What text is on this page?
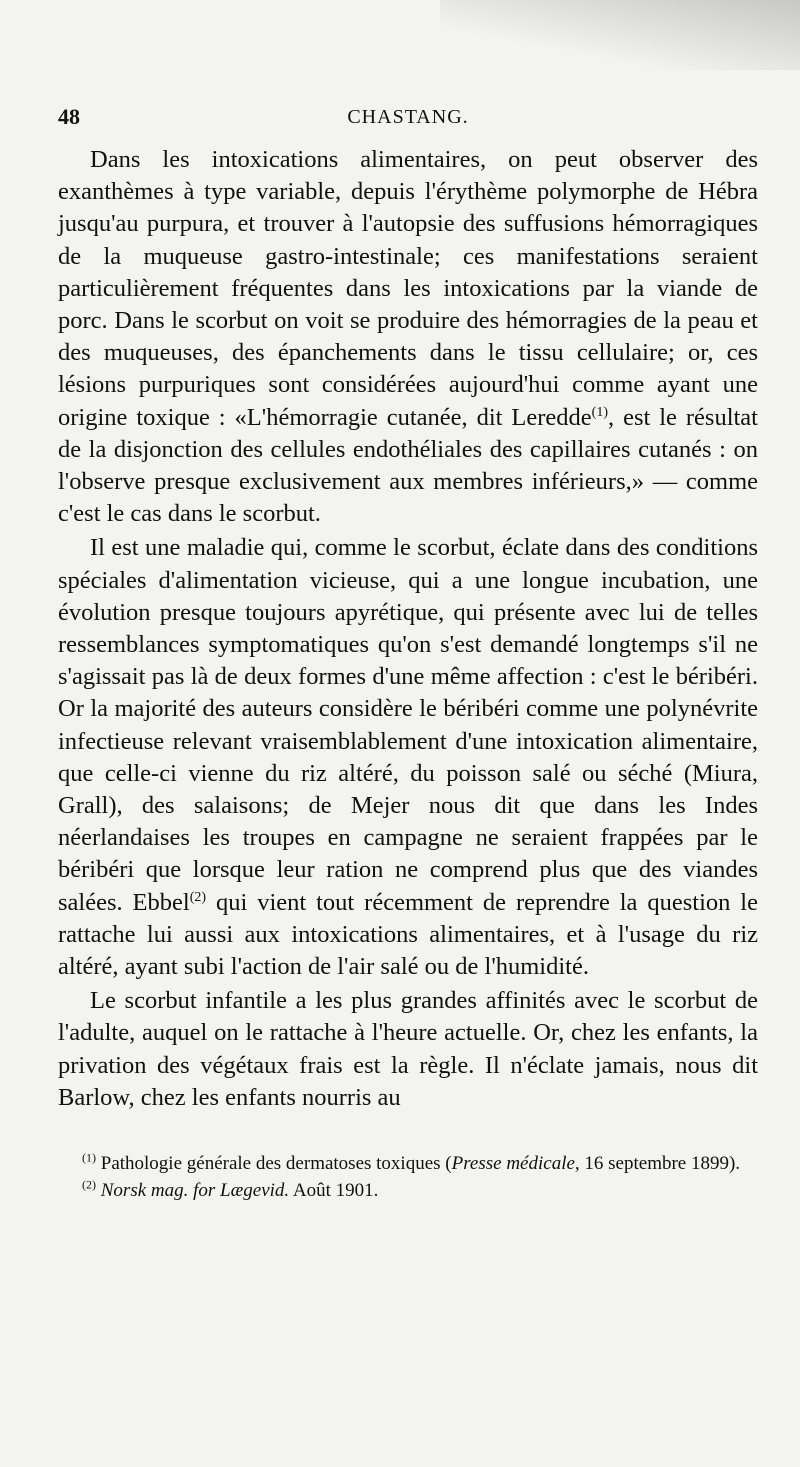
48	CHASTANG.

Dans les intoxications alimentaires, on peut observer des exanthèmes à type variable, depuis l'érythème polymorphe de Hébra jusqu'au purpura, et trouver à l'autopsie des suffusions hémorragiques de la muqueuse gastro-intestinale; ces manifestations seraient particulièrement fréquentes dans les intoxications par la viande de porc. Dans le scorbut on voit se produire des hémorragies de la peau et des muqueuses, des épanchements dans le tissu cellulaire; or, ces lésions purpuriques sont considérées aujourd'hui comme ayant une origine toxique : «L'hémorragie cutanée, dit Leredde$^{(1)}$, est le résultat de la disjonction des cellules endothéliales des capillaires cutanés : on l'observe presque exclusivement aux membres inférieurs,» — comme c'est le cas dans le scorbut.

Il est une maladie qui, comme le scorbut, éclate dans des conditions spéciales d'alimentation vicieuse, qui a une longue incubation, une évolution presque toujours apyrétique, qui présente avec lui de telles ressemblances symptomatiques qu'on s'est demandé longtemps s'il ne s'agissait pas là de deux formes d'une même affection : c'est le béribéri. Or la majorité des auteurs considère le béribéri comme une polynévrite infectieuse relevant vraisemblablement d'une intoxication alimentaire, que celle-ci vienne du riz altéré, du poisson salé ou séché (Miura, Grall), des salaisons; de Mejer nous dit que dans les Indes néerlandaises les troupes en campagne ne seraient frappées par le béribéri que lorsque leur ration ne comprend plus que des viandes salées. Ebbel$^{(2)}$ qui vient tout récemment de reprendre la question le rattache lui aussi aux intoxications alimentaires, et à l'usage du riz altéré, ayant subi l'action de l'air salé ou de l'humidité.

Le scorbut infantile a les plus grandes affinités avec le scorbut de l'adulte, auquel on le rattache à l'heure actuelle. Or, chez les enfants, la privation des végétaux frais est la règle. Il n'éclate jamais, nous dit Barlow, chez les enfants nourris au

$^{(1)}$ Pathologie générale des dermatoses toxiques (Presse médicale, 16 septembre 1899).

$^{(2)}$ Norsk mag. for Lægevid. Août 1901.
